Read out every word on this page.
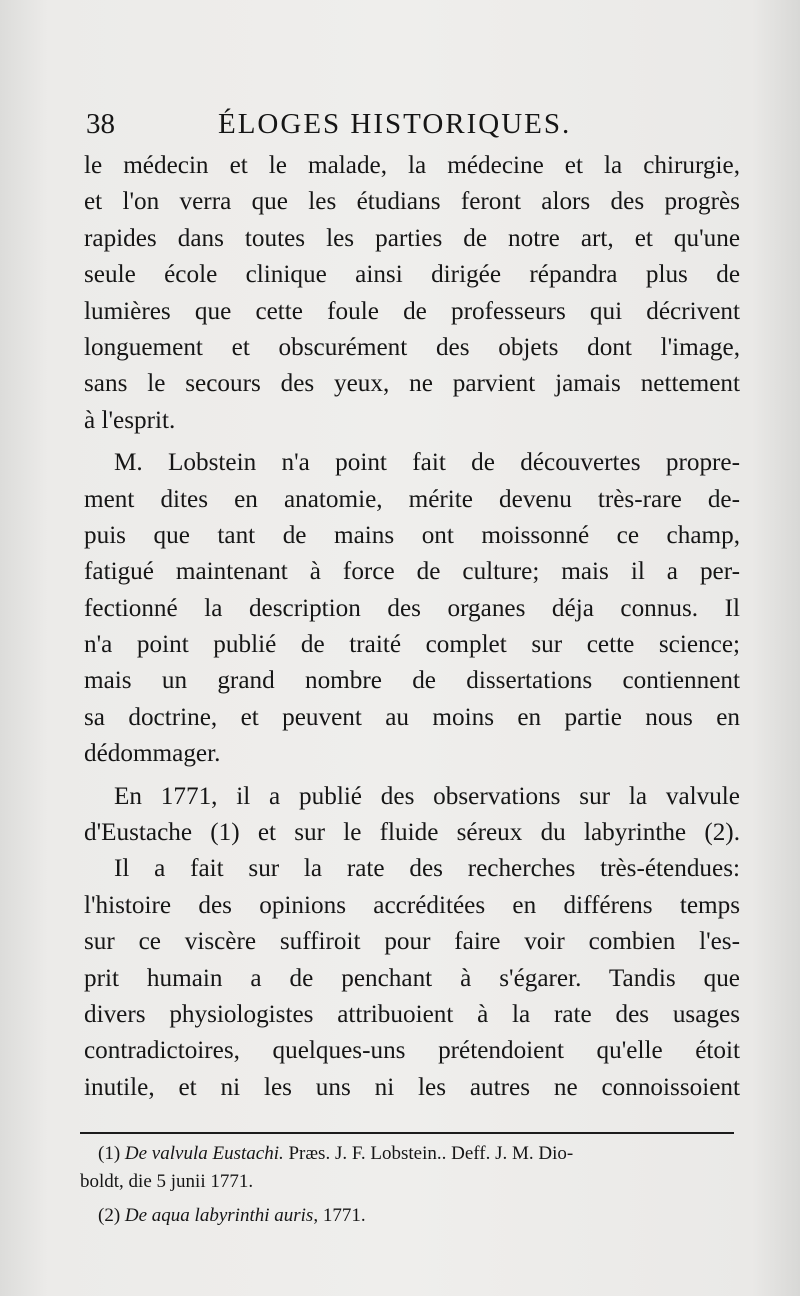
38	ÉLOGES HISTORIQUES.
le médecin et le malade, la médecine et la chirurgie,
et l'on verra que les étudians feront alors des progrès
rapides dans toutes les parties de notre art, et qu'une
seule école clinique ainsi dirigée répandra plus de
lumières que cette foule de professeurs qui décrivent
longuement et obscurément des objets dont l'image,
sans le secours des yeux, ne parvient jamais nettement
à l'esprit.
M. Lobstein n'a point fait de découvertes propre-
ment dites en anatomie, mérite devenu très-rare de-
puis que tant de mains ont moissonné ce champ,
fatigué maintenant à force de culture; mais il a per-
fectionné la description des organes déja connus. Il
n'a point publié de traité complet sur cette science;
mais un grand nombre de dissertations contiennent
sa doctrine, et peuvent au moins en partie nous en
dédommager.
En 1771, il a publié des observations sur la valvule
d'Eustache (1) et sur le fluide séreux du labyrinthe (2).
Il a fait sur la rate des recherches très-étendues:
l'histoire des opinions accréditées en différens temps
sur ce viscère suffiroit pour faire voir combien l'es-
prit humain a de penchant à s'égarer. Tandis que
divers physiologistes attribuoient à la rate des usages
contradictoires, quelques-uns prétendoient qu'elle étoit
inutile, et ni les uns ni les autres ne connoissoient
(1) De valvula Eustachi. Præs. J. F. Lobstein.. Deff. J. M. Dio-
boldt, die 5 junii 1771.
(2) De aqua labyrinthi auris, 1771.
